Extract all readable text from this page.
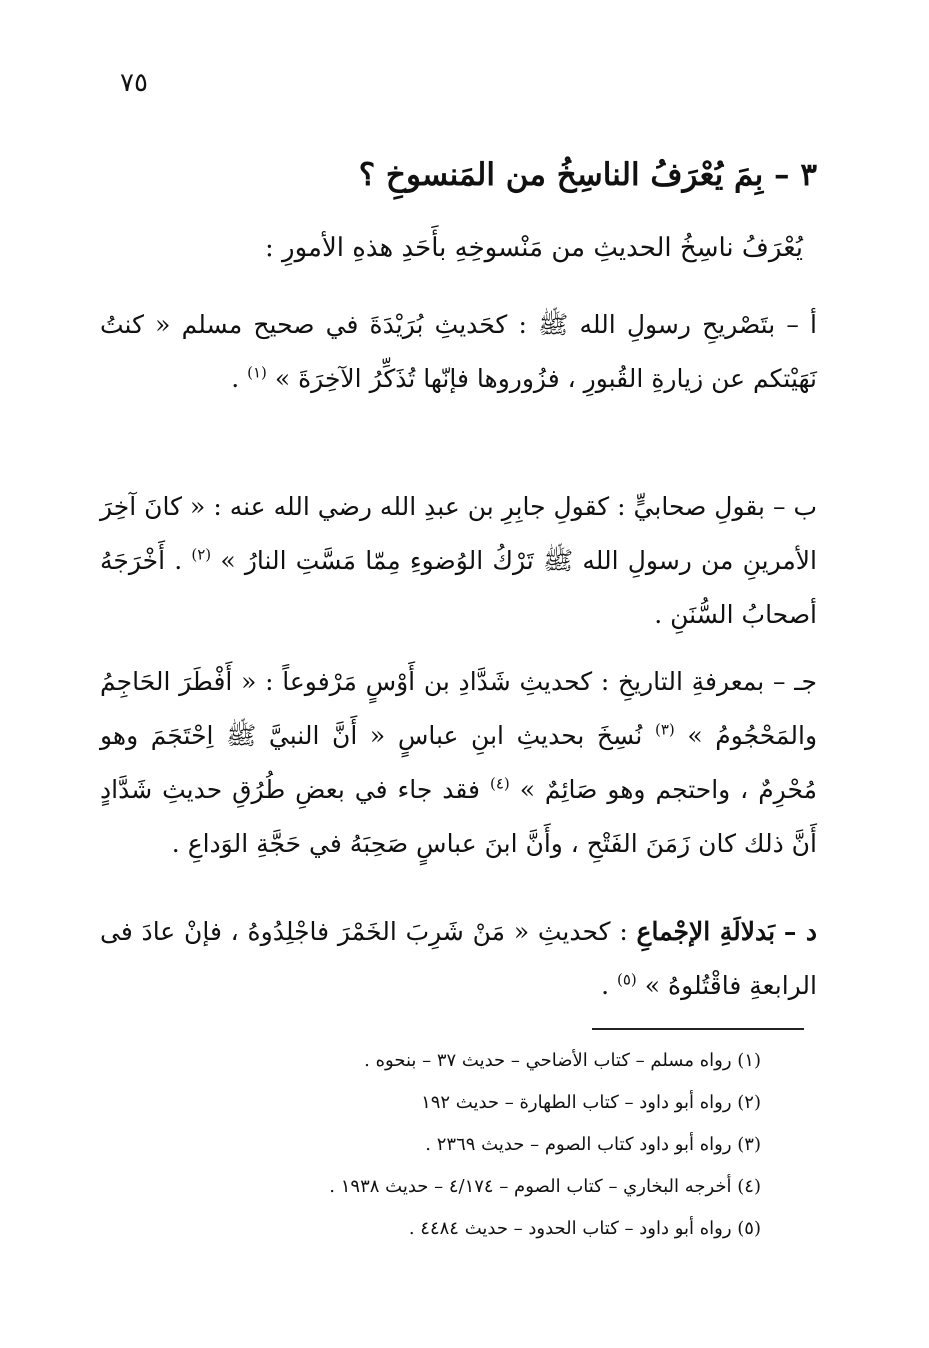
٧٥
٣ – بِمَ يُعْرَفُ الناسِخُ من المَنسوخِ ؟
يُعْرَفُ ناسِخُ الحديثِ من مَنْسوخِهِ بأَحَدِ هذهِ الأمورِ :
أ – بتَصْريحِ رسولِ الله ﷺ : كحَديثِ بُرَيْدَةَ في صحيح مسلم « كنتُ نَهَيْتكم عن زيارةِ القُبورِ ، فزُوروها فإنّها تُذَكِّرُ الآخِرَةَ » $^{(١)}$ .
ب – بقولِ صحابيٍّ : كقولِ جابِرِ بن عبدِ الله رضي الله عنه : « كانَ آخِرَ الأمرينِ من رسولِ الله ﷺ تَرْكُ الوُضوءِ مِمّا مَسَّتِ النارُ » $^{(٢)}$ . أَخْرَجَهُ أصحابُ السُّنَنِ .
جـ – بمعرفةِ التاريخِ : كحديثِ شَدَّادِ بن أَوْسٍ مَرْفوعاً : « أَفْطَرَ الحَاجِمُ والمَحْجُومُ » $^{(٣)}$ نُسِخَ بحديثِ ابنِ عباسٍ « أَنَّ النبيَّ ﷺ اِحْتَجَمَ وهو مُحْرِمٌ ، واحتجم وهو صَائِمٌ » $^{(٤)}$ فقد جاء في بعضِ طُرُقِ حديثِ شَدَّادٍ أَنَّ ذلك كان زَمَنَ الفَتْحِ ، وأَنَّ ابنَ عباسٍ صَحِبَهُ في حَجَّةِ الوَداعِ .
د – بَدلالَةِ الإجْماعِ : كحديثِ « مَنْ شَرِبَ الخَمْرَ فاجْلِدُوهُ ، فإنْ عادَ فى الرابعةِ فاقْتُلوهُ » $^{(٥)}$ .
(١) رواه مسلم – كتاب الأضاحي – حديث ٣٧ – بنحوه .
(٢) رواه أبو داود – كتاب الطهارة – حديث ١٩٢
(٣) رواه أبو داود كتاب الصوم – حديث ٢٣٦٩ .
(٤) أخرجه البخاري – كتاب الصوم – ٤/١٧٤ – حديث ١٩٣٨ .
(٥) رواه أبو داود – كتاب الحدود – حديث ٤٤٨٤ .
